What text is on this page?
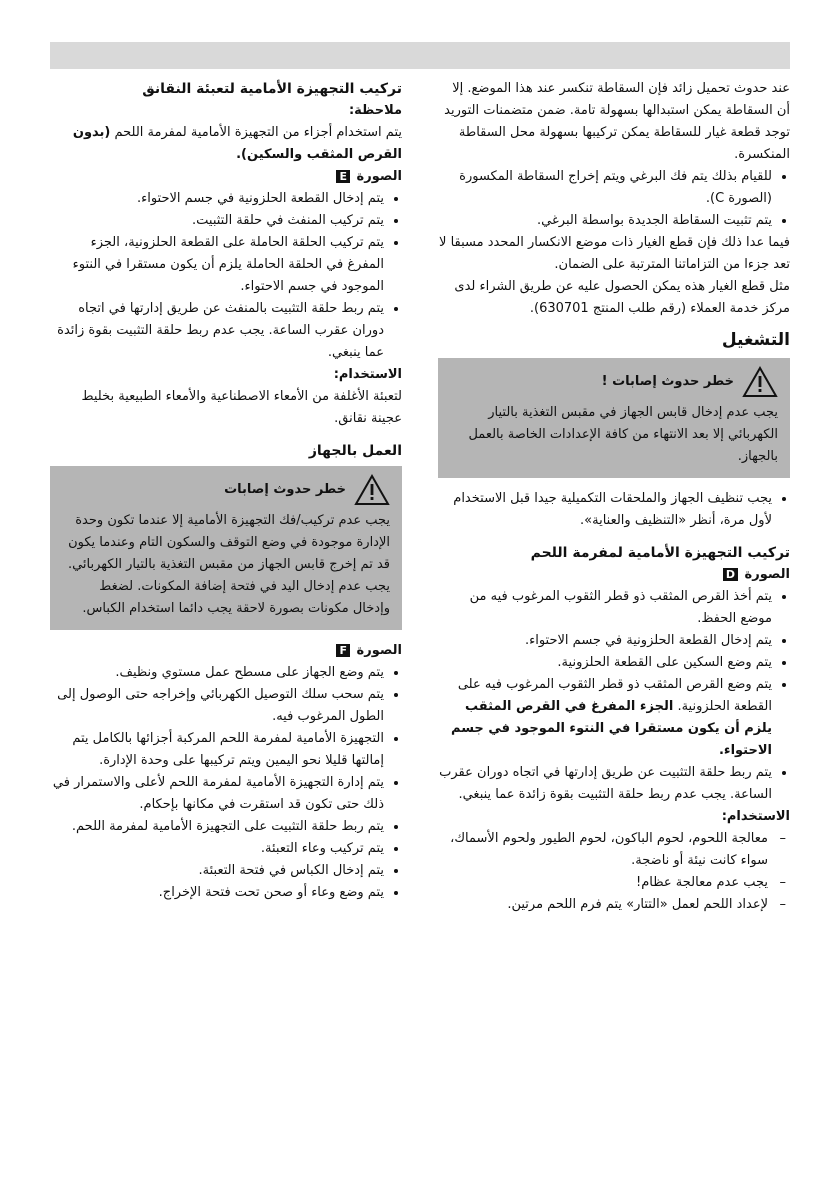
عند حدوث تحميل زائد فإن السقاطة تنكسر عند هذا الموضع. إلا أن السقاطة يمكن استبدالها بسهولة تامة. ضمن متضمنات التوريد توجد قطعة غيار للسقاطة يمكن تركيبها بسهولة محل السقاطة المنكسرة.

• للقيام بذلك يتم فك البرغي ويتم إخراج السقاطة المكسورة (الصورة C).
• يتم تثبيت السقاطة الجديدة بواسطة البرغي.

فيما عدا ذلك فإن قطع الغيار ذات موضع الانكسار المحدد مسبقا لا تعد جزءا من التزاماتنا المترتبة على الضمان.

مثل قطع الغيار هذه يمكن الحصول عليه عن طريق الشراء لدى مركز خدمة العملاء (رقم طلب المنتج 630701).

التشغيل
خطر حدوث إصابات !

يجب عدم إدخال قابس الجهاز في مقبس التغذية بالتيار الكهربائي إلا بعد الانتهاء من كافة الإعدادات الخاصة بالعمل بالجهاز.

• يجب تنظيف الجهاز والملحقات التكميلية جيدا قبل الاستخدام لأول مرة، أنظر «التنظيف والعناية».
تركيب التجهيزة الأمامية لمفرمة اللحم

الصورة D

• يتم أخذ القرص المثقب ذو قطر الثقوب المرغوب فيه من موضع الحفظ.
• يتم إدخال القطعة الحلزونية في جسم الاحتواء.
• يتم وضع السكين على القطعة الحلزونية.
• يتم وضع القرص المثقب ذو قطر الثقوب المرغوب فيه على القطعة الحلزونية. الجزء المفرغ في القرص المثقب يلزم أن يكون مستقرا في النتوء الموجود في جسم الاحتواء.
• يتم ربط حلقة التثبيت عن طريق إدارتها في اتجاه دوران عقرب الساعة. يجب عدم ربط حلقة التثبيت بقوة زائدة عما ينبغي.
الاستخدام:
– معالجة اللحوم، لحوم الباكون، لحوم الطيور ولحوم الأسماك، سواء كانت نيئة أو ناضجة.
– يجب عدم معالجة عظام!
– لإعداد اللحم لعمل «التتار» يتم فرم اللحم مرتين.
تركيب التجهيزة الأمامية لتعبئة النقانق
ملاحظة:

يتم استخدام أجزاء من التجهيزة الأمامية لمفرمة اللحم (بدون القرص المثقب والسكين).

الصورة E

• يتم إدخال القطعة الحلزونية في جسم الاحتواء.
• يتم تركيب المنفث في حلقة التثبيت.
• يتم تركيب الحلقة الحاملة على القطعة الحلزونية، الجزء المفرغ في الحلقة الحاملة يلزم أن يكون مستقرا في النتوء الموجود في جسم الاحتواء.
• يتم ربط حلقة التثبيت بالمنفث عن طريق إدارتها في اتجاه دوران عقرب الساعة. يجب عدم ربط حلقة التثبيت بقوة زائدة عما ينبغي.
الاستخدام:

لتعبئة الأغلفة من الأمعاء الاصطناعية والأمعاء الطبيعية بخليط عجينة نقانق.

العمل بالجهاز
خطر حدوث إصابات

يجب عدم تركيب/فك التجهيزة الأمامية إلا عندما تكون وحدة الإدارة موجودة في وضع التوقف والسكون التام وعندما يكون قد تم إخرج قابس الجهاز من مقبس التغذية بالتيار الكهربائي.

يجب عدم إدخال اليد في فتحة إضافة المكونات. لضغط وإدخال مكونات بصورة لاحقة يجب دائما استخدام الكباس.

الصورة F

• يتم وضع الجهاز على مسطح عمل مستوي ونظيف.
• يتم سحب سلك التوصيل الكهربائي وإخراجه حتى الوصول إلى الطول المرغوب فيه.
• التجهيزة الأمامية لمفرمة اللحم المركبة أجزائها بالكامل يتم إمالتها قليلا نحو اليمين ويتم تركيبها على وحدة الإدارة.
• يتم إدارة التجهيزة الأمامية لمفرمة اللحم لأعلى والاستمرار في ذلك حتى تكون قد استقرت في مكانها بإحكام.
• يتم ربط حلقة التثبيت على التجهيزة الأمامية لمفرمة اللحم.
• يتم تركيب وعاء التعبئة.
• يتم إدخال الكباس في فتحة التعبئة.
• يتم وضع وعاء أو صحن تحت فتحة الإخراج.
